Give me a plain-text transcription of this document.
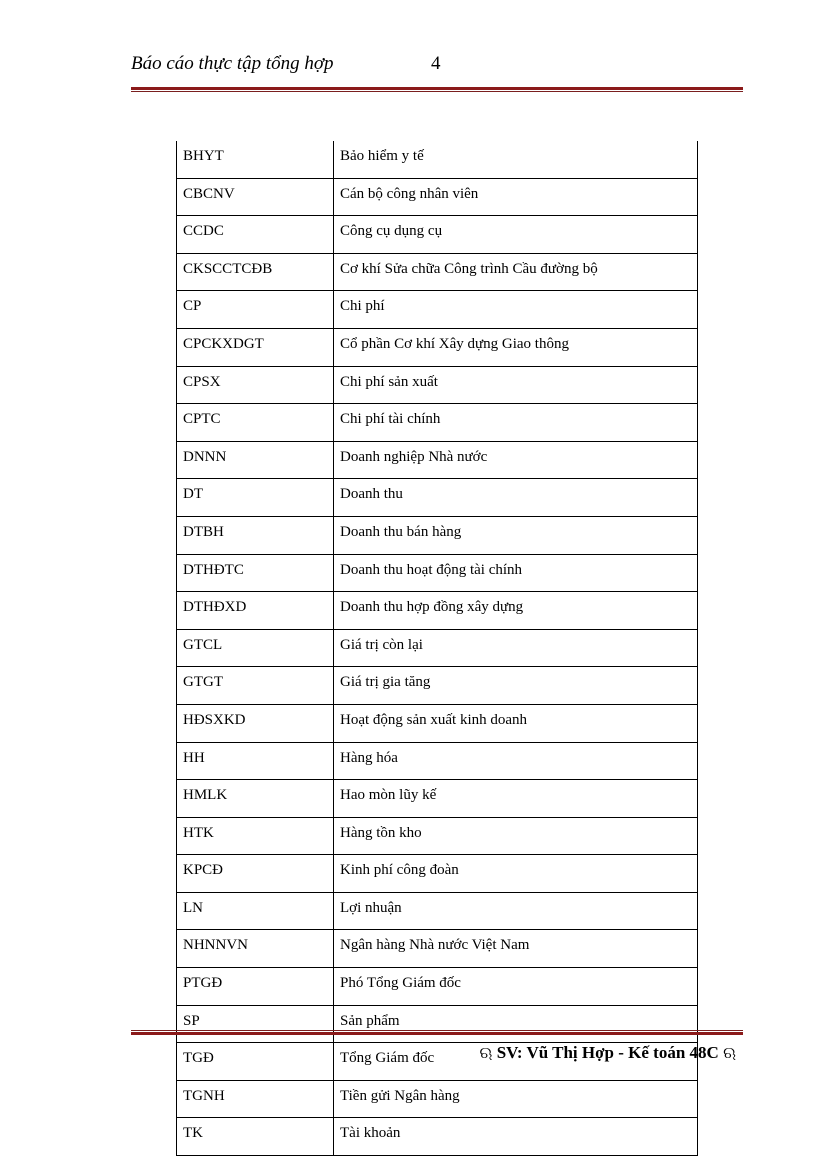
Báo cáo thực tập tổng hợp	4
BHYT	Bảo hiểm y tế
CBCNV	Cán bộ công nhân viên
CCDC	Công cụ dụng cụ
CKSCCTCĐB	Cơ khí Sửa chữa Công trình Cầu đường bộ
CP	Chi phí
CPCKXDGT	Cổ phần Cơ khí Xây dựng Giao thông
CPSX	Chi phí sản xuất
CPTC	Chi phí tài chính
DNNN	Doanh nghiệp Nhà nước
DT	Doanh thu
DTBH	Doanh thu bán hàng
DTHĐTC	Doanh thu hoạt động tài chính
DTHĐXD	Doanh thu hợp đồng xây dựng
GTCL	Giá trị còn lại
GTGT	Giá trị gia tăng
HĐSXKD	Hoạt động sản xuất kinh doanh
HH	Hàng hóa
HMLK	Hao mòn lũy kế
HTK	Hàng tồn kho
KPCĐ	Kinh phí công đoàn
LN	Lợi nhuận
NHNNVN	Ngân hàng Nhà nước Việt Nam
PTGĐ	Phó Tổng Giám đốc
SP	Sản phẩm
TGĐ	Tổng Giám đốc
TGNH	Tiền gửi Ngân hàng
TK	Tài khoản
ଋ SV: Vũ Thị Hợp - Kế toán 48C ଋ
